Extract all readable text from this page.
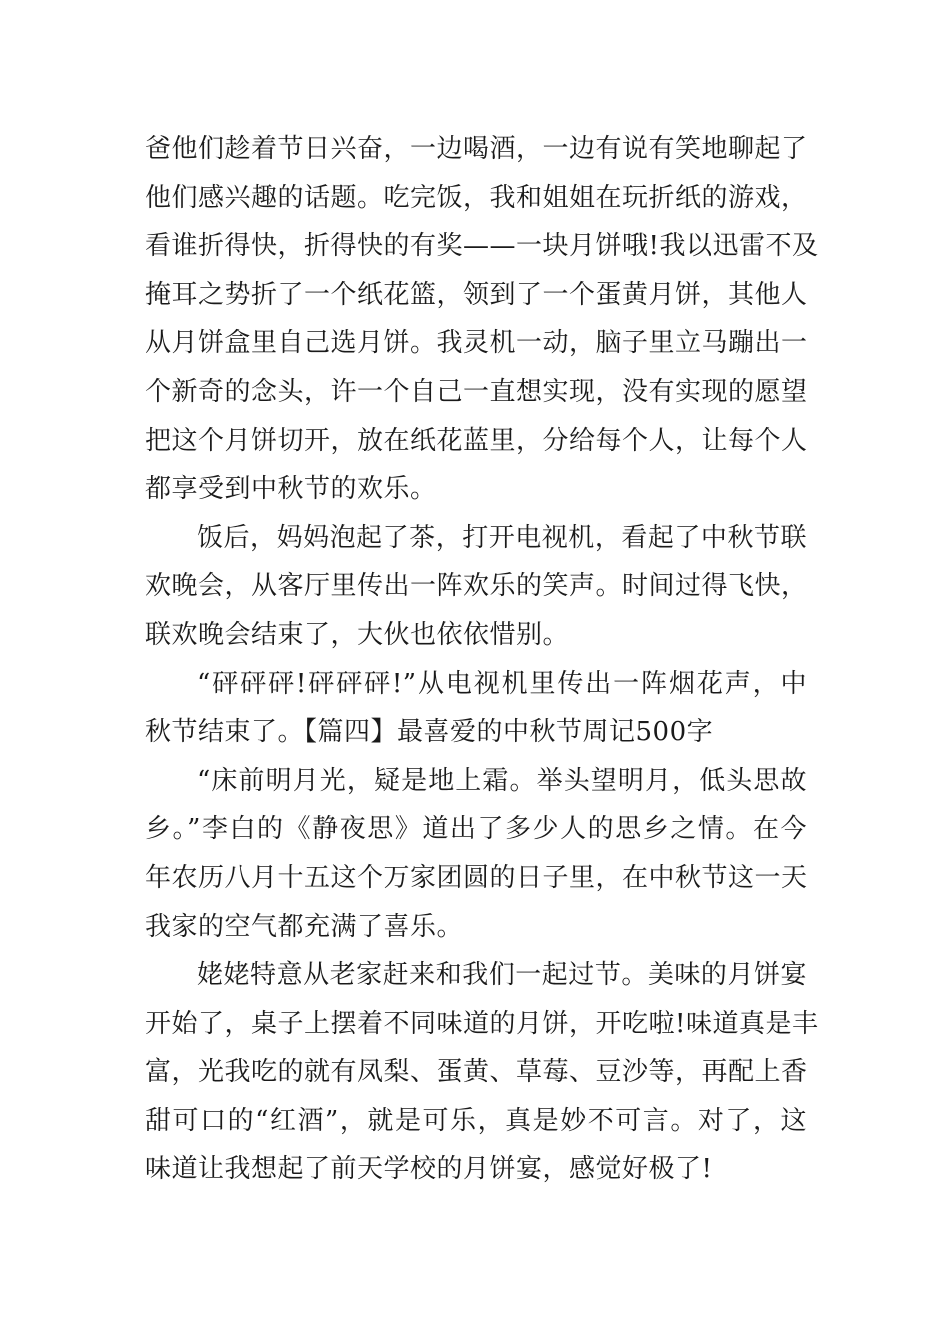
爸他们趁着节日兴奋，一边喝酒，一边有说有笑地聊起了
他们感兴趣的话题。吃完饭，我和姐姐在玩折纸的游戏，
看谁折得快，折得快的有奖——一块月饼哦!我以迅雷不及
掩耳之势折了一个纸花篮，领到了一个蛋黄月饼，其他人
从月饼盒里自己选月饼。我灵机一动，脑子里立马蹦出一
个新奇的念头，许一个自己一直想实现，没有实现的愿望
把这个月饼切开，放在纸花蓝里，分给每个人，让每个人
都享受到中秋节的欢乐。
饭后，妈妈泡起了茶，打开电视机，看起了中秋节联
欢晚会，从客厅里传出一阵欢乐的笑声。时间过得飞快，
联欢晚会结束了，大伙也依依惜别。
“砰砰砰!砰砰砰!”从电视机里传出一阵烟花声，中
秋节结束了。【篇四】最喜爱的中秋节周记500字
“床前明月光，疑是地上霜。举头望明月，低头思故
乡。”李白的《静夜思》道出了多少人的思乡之情。在今
年农历八月十五这个万家团圆的日子里，在中秋节这一天
我家的空气都充满了喜乐。
姥姥特意从老家赶来和我们一起过节。美味的月饼宴
开始了，桌子上摆着不同味道的月饼，开吃啦!味道真是丰
富，光我吃的就有凤梨、蛋黄、草莓、豆沙等，再配上香
甜可口的“红酒”，就是可乐，真是妙不可言。对了，这
味道让我想起了前天学校的月饼宴，感觉好极了!
